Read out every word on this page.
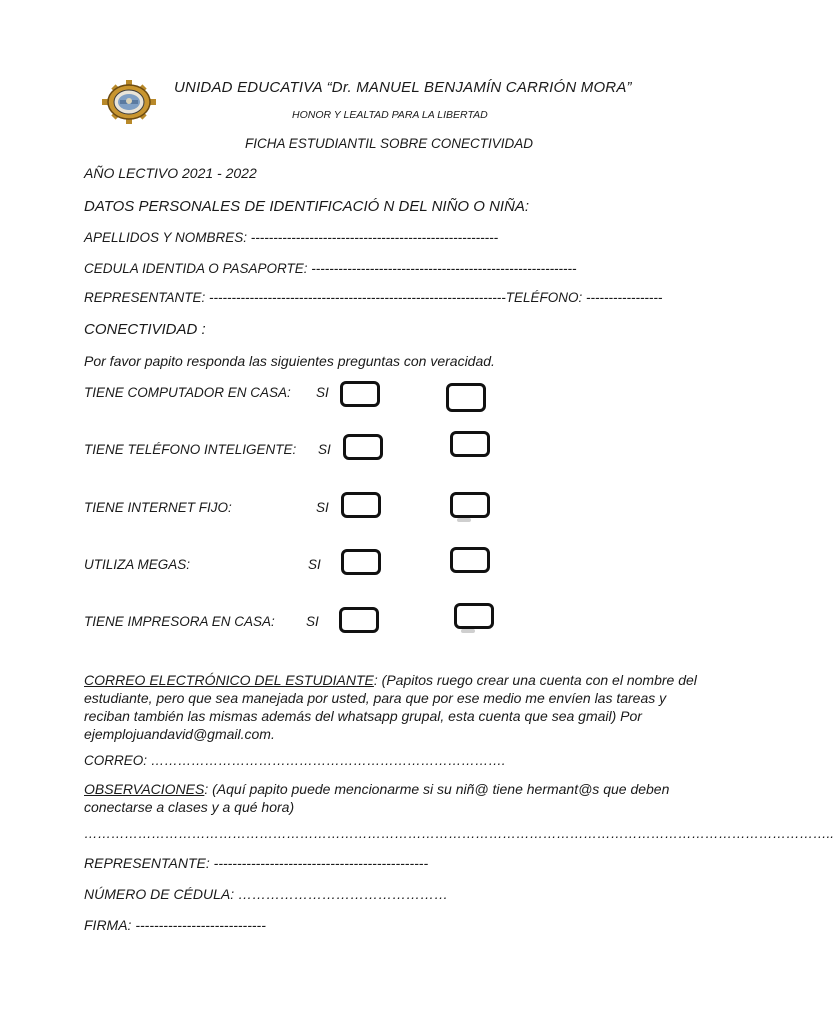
UNIDAD EDUCATIVA “Dr. MANUEL BENJAMÍN CARRIÓN MORA”
HONOR Y LEALTAD PARA LA LIBERTAD
FICHA ESTUDIANTIL SOBRE CONECTIVIDAD
AÑO LECTIVO 2021 - 2022
DATOS PERSONALES DE IDENTIFICACIÓ N DEL NIÑO O NIÑA:
APELLIDOS Y NOMBRES: -------------------------------------------------------
CEDULA IDENTIDA O PASAPORTE: -----------------------------------------------------------
REPRESENTANTE: ------------------------------------------------------------------TELÉFONO: -----------------
CONECTIVIDAD :
Por favor papito responda las siguientes preguntas con veracidad.
TIENE COMPUTADOR EN CASA: SI
TIENE TELÉFONO INTELIGENTE: SI
TIENE INTERNET FIJO:	SI
UTILIZA MEGAS:	SI
TIENE IMPRESORA EN CASA: SI
CORREO ELECTRÓNICO DEL ESTUDIANTE: (Papitos ruego crear una cuenta con el nombre del estudiante, pero que sea manejada por usted, para que por ese medio me envíen las tareas y reciban también las mismas además del whatsapp grupal, esta cuenta que sea gmail) Por ejemplojuandavid@gmail.com.
CORREO: …………………………………………………………………….
OBSERVACIONES: (Aquí papito puede mencionarme si su niñ@ tiene hermant@s que deben conectarse a clases y a qué hora)
…………………………………………………………………………………………………………………………………………………..
REPRESENTANTE: ----------------------------------------------
NÚMERO DE CÉDULA: ………………………………………
FIRMA: ----------------------------
